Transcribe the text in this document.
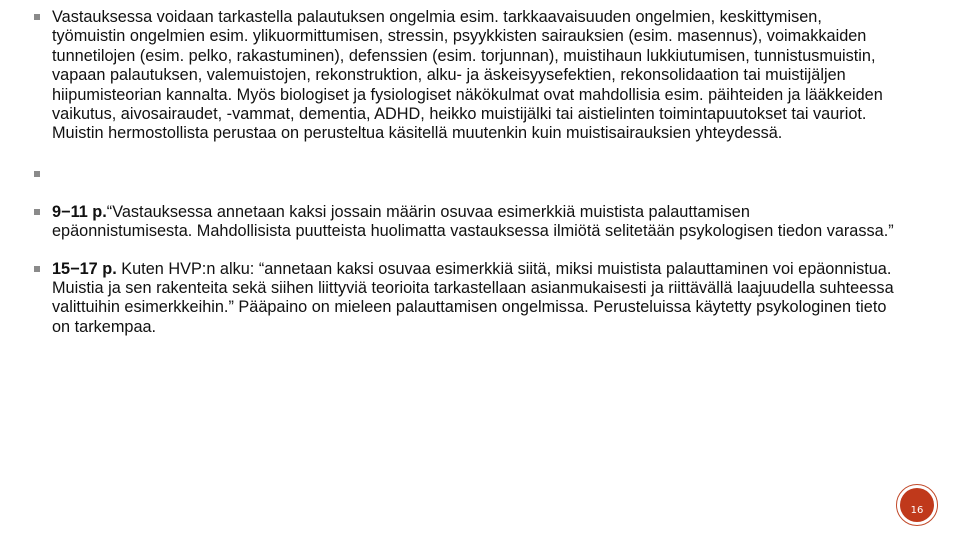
Vastauksessa voidaan tarkastella palautuksen ongelmia esim. tarkkaavaisuuden ongelmien, keskittymisen, työmuistin ongelmien esim. ylikuormittumisen, stressin, psyykkisten sairauksien (esim. masennus), voimakkaiden tunnetilojen (esim. pelko, rakastuminen), defenssien (esim. torjunnan), muistihaun lukkiutumisen, tunnistusmuistin, vapaan palautuksen, valemuistojen, rekonstruktion, alku- ja äskeisyysefektien, rekonsolidaation tai muistijäljen hiipumisteorian kannalta. Myös biologiset ja fysiologiset näkökulmat ovat mahdollisia esim. päihteiden ja lääkkeiden vaikutus, aivosairaudet, -vammat, dementia, ADHD, heikko muistijälki tai aistielinten toimintapuutokset tai vauriot. Muistin hermostollista perustaa on perusteltua käsitellä muutenkin kuin muistisairauksien yhteydessä.
9−11 p.“Vastauksessa annetaan kaksi jossain määrin osuvaa esimerkkiä muistista palauttamisen epäonnistumisesta. Mahdollisista puutteista huolimatta vastauksessa ilmiötä selitetään psykologisen tiedon varassa.”
15−17 p. Kuten HVP:n alku: “annetaan kaksi osuvaa esimerkkiä siitä, miksi muistista palauttaminen voi epäonnistua. Muistia ja sen rakenteita sekä siihen liittyviä teorioita tarkastellaan asianmukaisesti ja riittävällä laajuudella suhteessa valittuihin esimerkkeihin.” Pääpaino on mieleen palauttamisen ongelmissa. Perusteluissa käytetty psykologinen tieto on tarkempaa.
16
